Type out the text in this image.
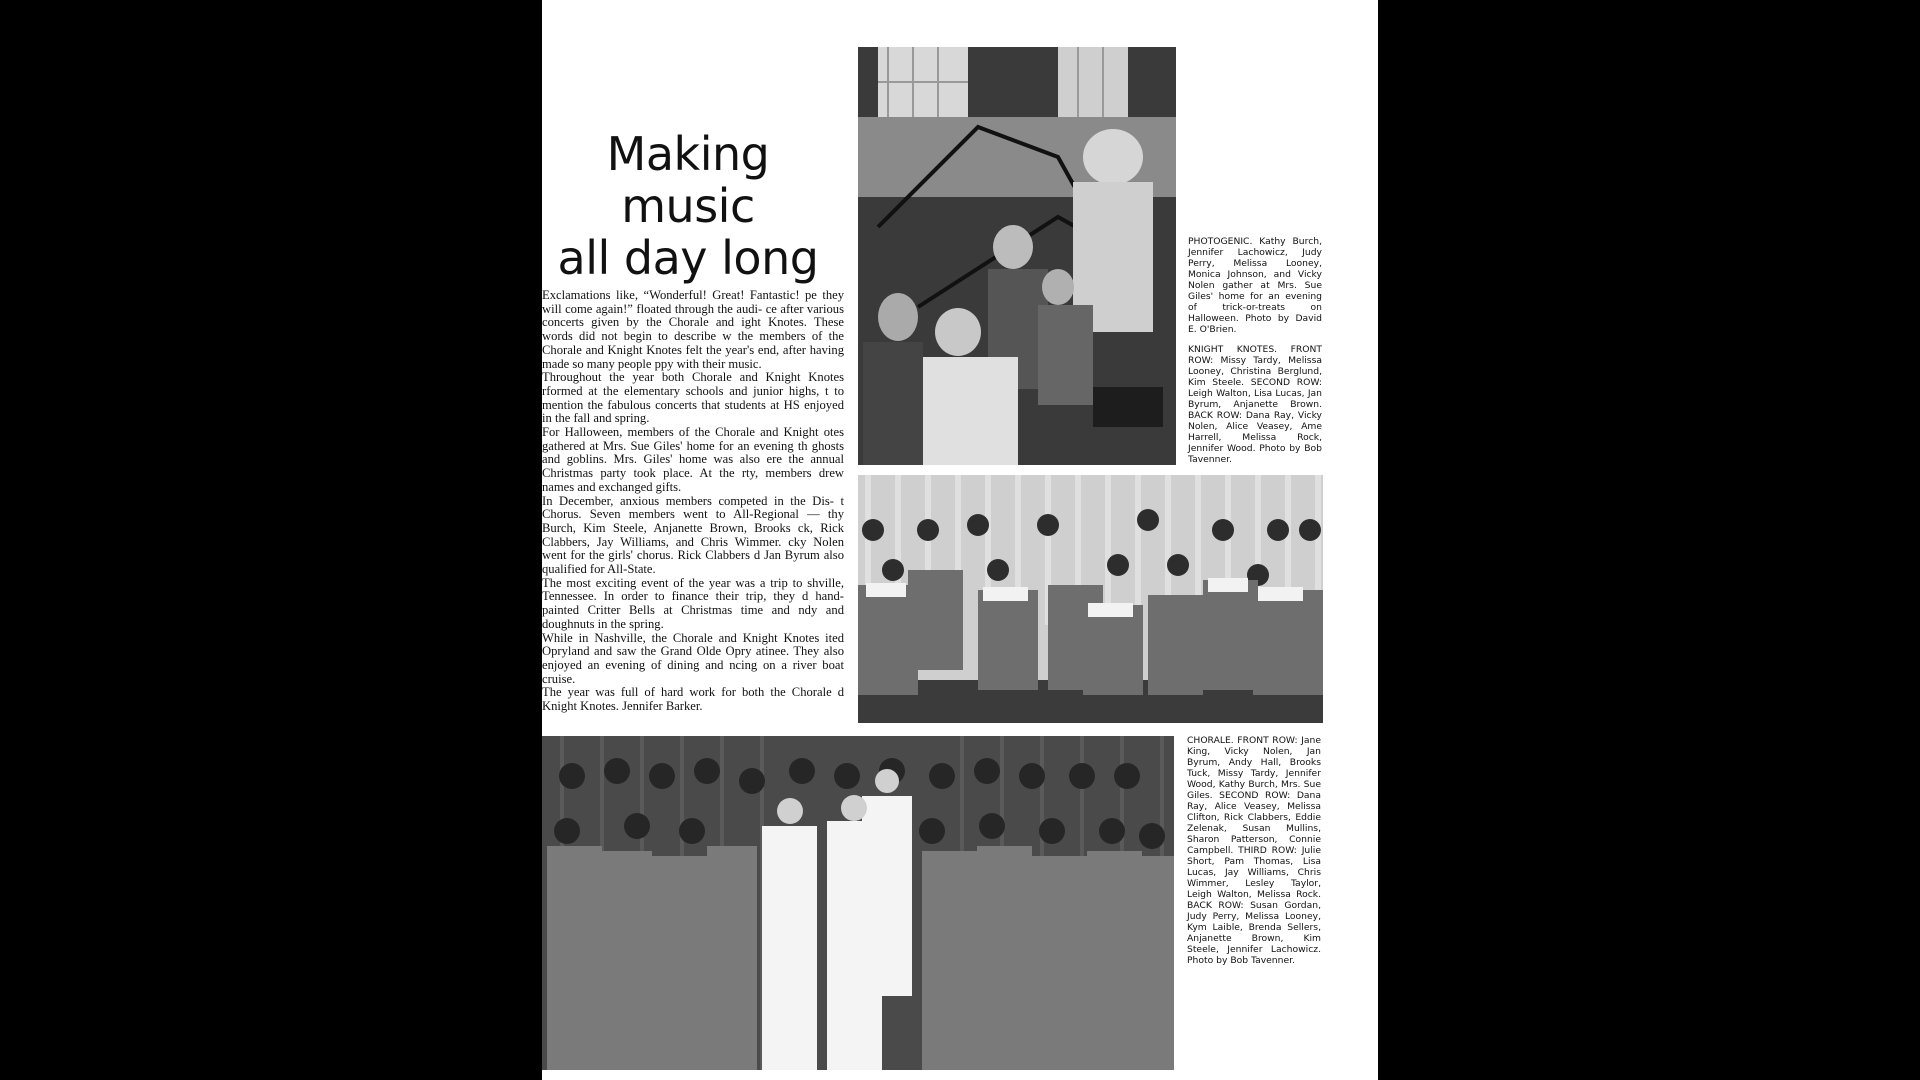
Making
music
all day long

Exclamations like, “Wonderful! Great! Fantastic! pe they will come again!” floated through the audi- ce after various concerts given by the Chorale and ight Knotes. These words did not begin to describe w the members of the Chorale and Knight Knotes felt the year's end, after having made so many people ppy with their music.

Throughout the year both Chorale and Knight Knotes rformed at the elementary schools and junior highs, t to mention the fabulous concerts that students at HS enjoyed in the fall and spring.

For Halloween, members of the Chorale and Knight otes gathered at Mrs. Sue Giles' home for an evening th ghosts and goblins. Mrs. Giles' home was also ere the annual Christmas party took place. At the rty, members drew names and exchanged gifts.

In December, anxious members competed in the Dis- t Chorus. Seven members went to All-Regional — thy Burch, Kim Steele, Anjanette Brown, Brooks ck, Rick Clabbers, Jay Williams, and Chris Wimmer. cky Nolen went for the girls' chorus. Rick Clabbers d Jan Byrum also qualified for All-State.

The most exciting event of the year was a trip to shville, Tennessee. In order to finance their trip, they d hand-painted Critter Bells at Christmas time and ndy and doughnuts in the spring.

While in Nashville, the Chorale and Knight Knotes ited Opryland and saw the Grand Olde Opry atinee. They also enjoyed an evening of dining and ncing on a river boat cruise.

The year was full of hard work for both the Chorale d Knight Knotes. Jennifer Barker.

PHOTOGENIC. Kathy Burch, Jennifer Lachowicz, Judy Perry, Melissa Looney, Monica Johnson, and Vicky Nolen gather at Mrs. Sue Giles' home for an evening of trick-or-treats on Halloween. Photo by David E. O'Brien.

KNIGHT KNOTES. FRONT ROW: Missy Tardy, Melissa Looney, Christina Berglund, Kim Steele. SECOND ROW: Leigh Walton, Lisa Lucas, Jan Byrum, Anjanette Brown. BACK ROW: Dana Ray, Vicky Nolen, Alice Veasey, Ame Harrell, Melissa Rock, Jennifer Wood. Photo by Bob Tavenner.

CHORALE. FRONT ROW: Jane King, Vicky Nolen, Jan Byrum, Andy Hall, Brooks Tuck, Missy Tardy, Jennifer Wood, Kathy Burch, Mrs. Sue Giles. SECOND ROW: Dana Ray, Alice Veasey, Melissa Clifton, Rick Clabbers, Eddie Zelenak, Susan Mullins, Sharon Patterson, Connie Campbell. THIRD ROW: Julie Short, Pam Thomas, Lisa Lucas, Jay Williams, Chris Wimmer, Lesley Taylor, Leigh Walton, Melissa Rock. BACK ROW: Susan Gordan, Judy Perry, Melissa Looney, Kym Laible, Brenda Sellers, Anjanette Brown, Kim Steele, Jennifer Lachowicz. Photo by Bob Tavenner.
